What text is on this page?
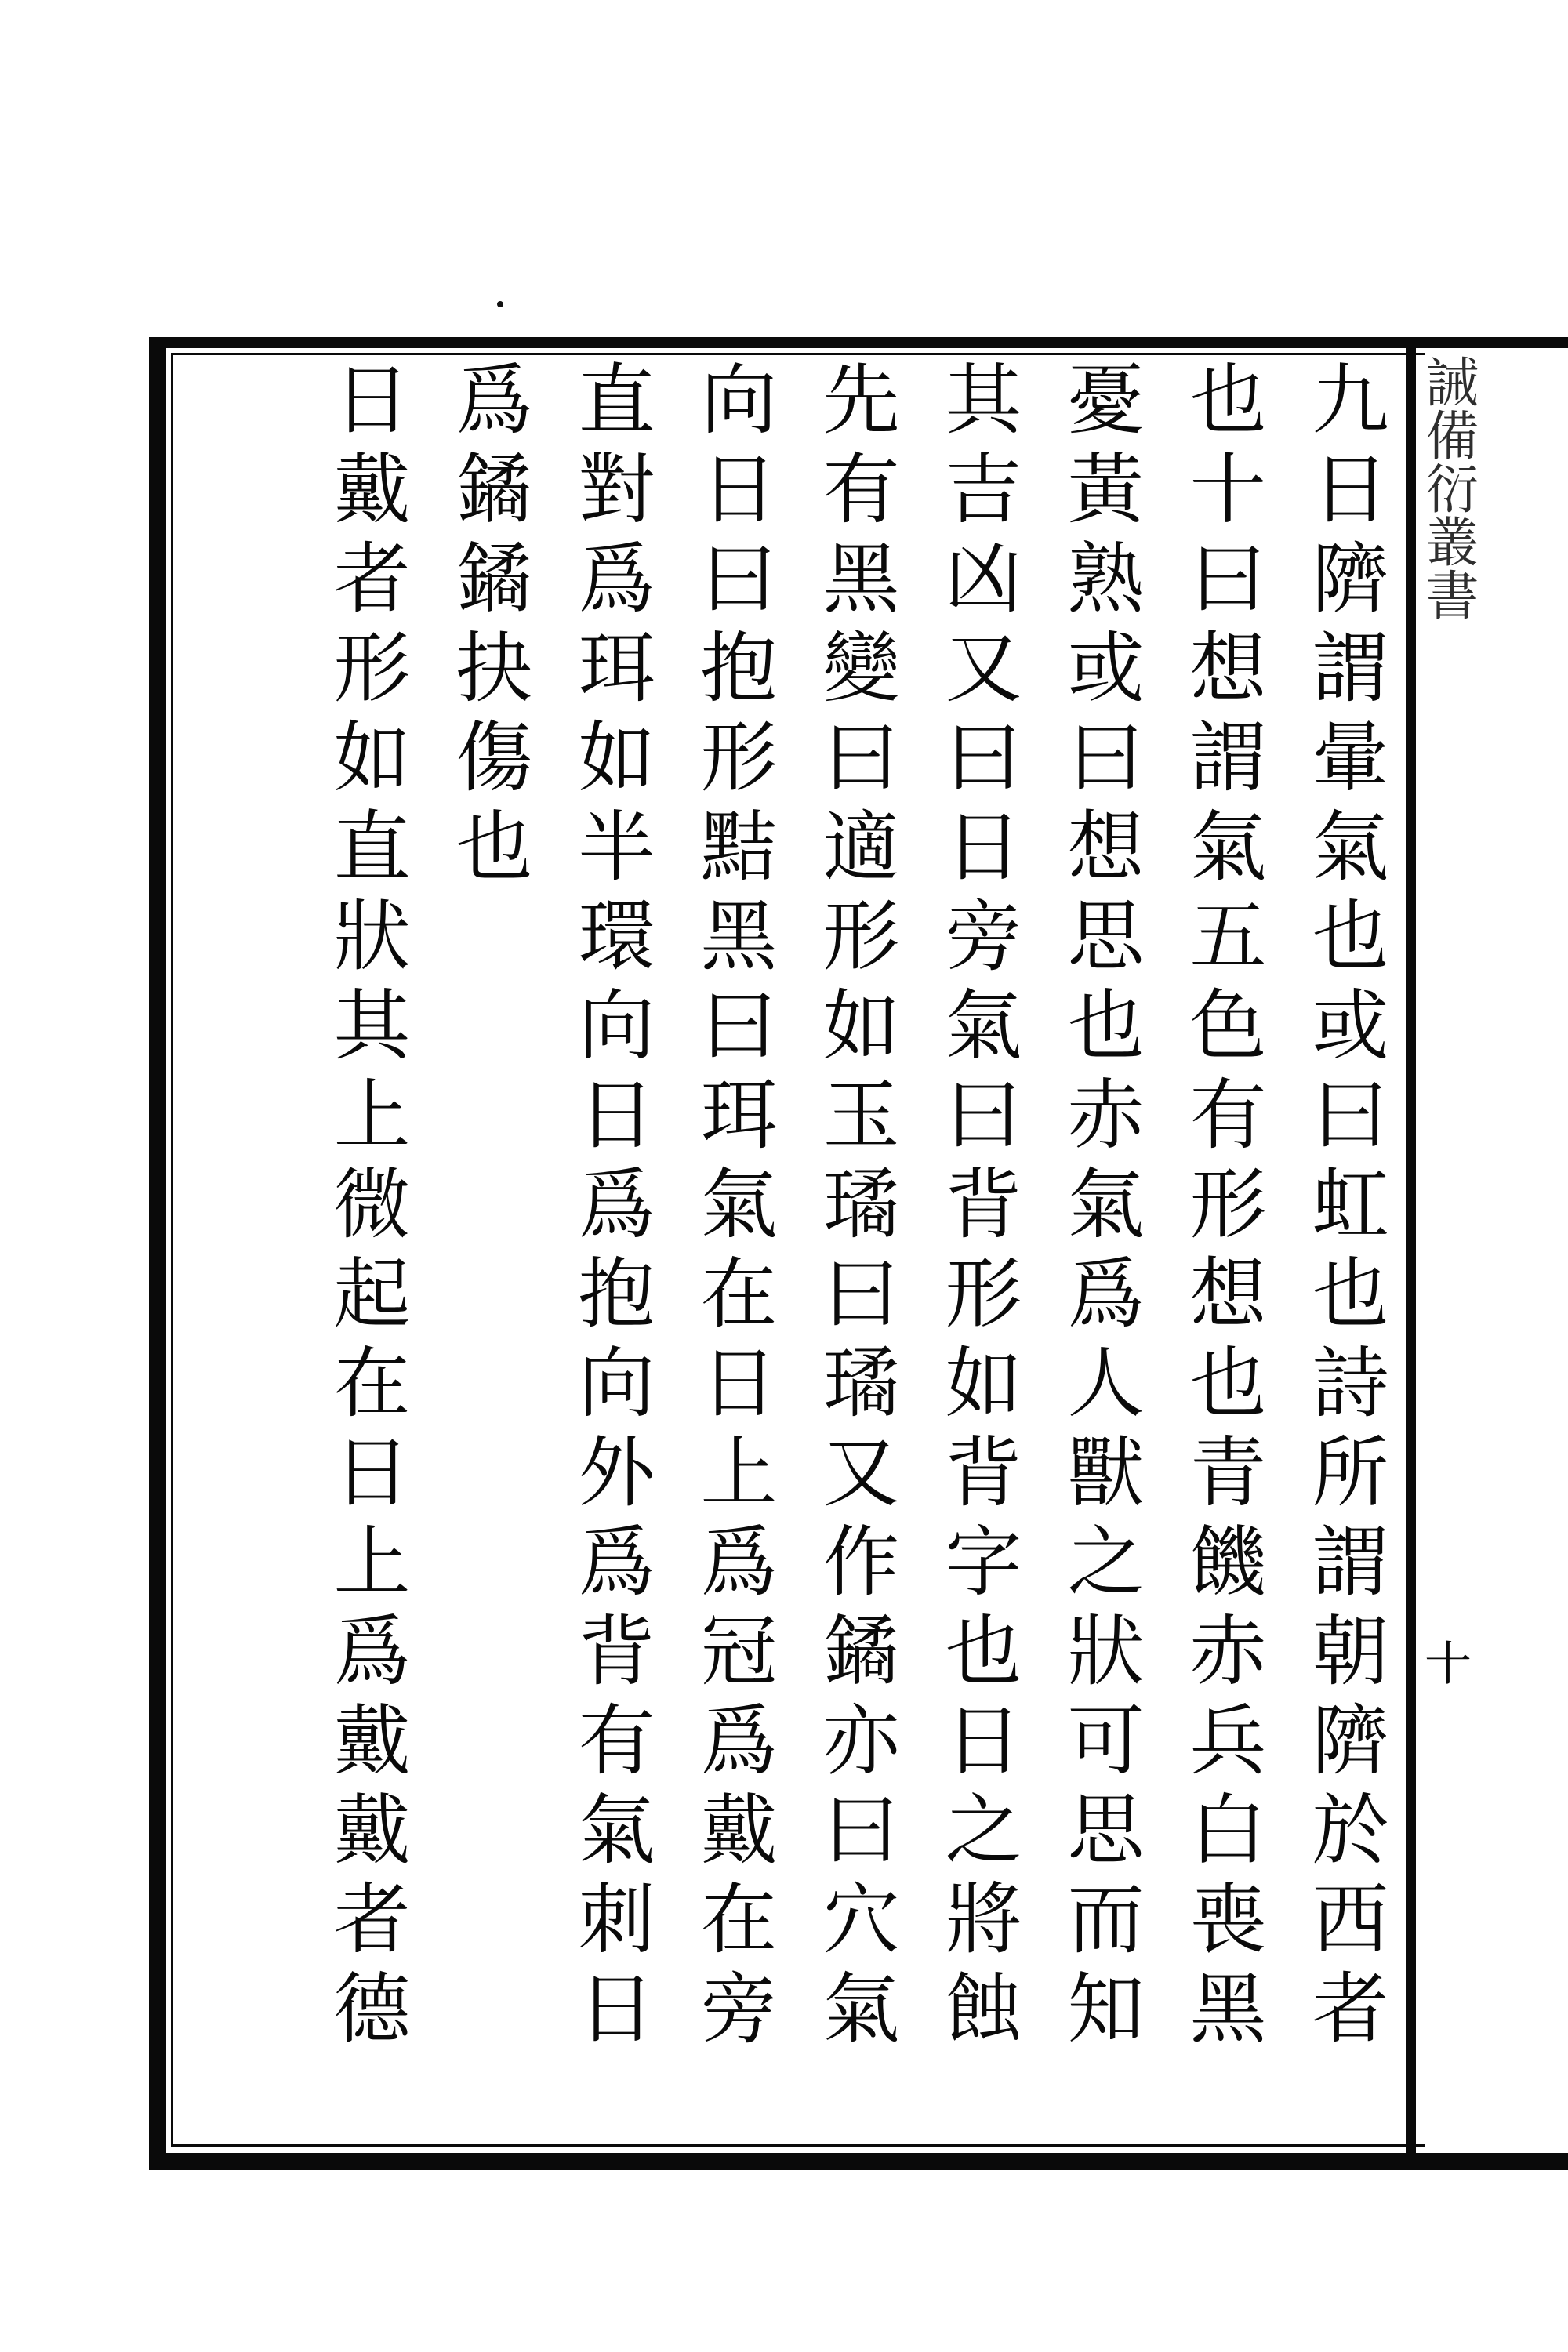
誡備衍叢書
十
九日隮謂暈氣也或曰虹也詩所謂朝隮於西者
也十曰想謂氣五色有形想也青饑赤兵白喪黑
憂黃熟或曰想思也赤氣爲人獸之狀可思而知
其吉凶又曰日旁氣曰背形如背字也日之將蝕
先有黑變曰適形如玉璚曰璚又作鐍亦曰穴氣
向日曰抱形黠黑曰珥氣在日上爲冠爲戴在旁
直對爲珥如半環向日爲抱向外爲背有氣刺日
爲鐍鐍抉傷也
日戴者形如直狀其上微起在日上爲戴戴者德
